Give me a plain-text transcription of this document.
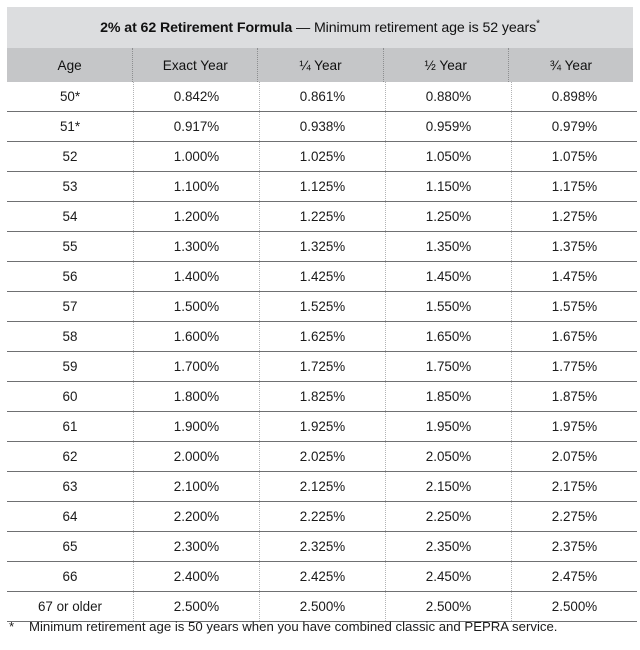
2% at 62 Retirement Formula — Minimum retirement age is 52 years*
Age	Exact Year	¼ Year	½ Year	¾ Year
50*	0.842%	0.861%	0.880%	0.898%
51*	0.917%	0.938%	0.959%	0.979%
52	1.000%	1.025%	1.050%	1.075%
53	1.100%	1.125%	1.150%	1.175%
54	1.200%	1.225%	1.250%	1.275%
55	1.300%	1.325%	1.350%	1.375%
56	1.400%	1.425%	1.450%	1.475%
57	1.500%	1.525%	1.550%	1.575%
58	1.600%	1.625%	1.650%	1.675%
59	1.700%	1.725%	1.750%	1.775%
60	1.800%	1.825%	1.850%	1.875%
61	1.900%	1.925%	1.950%	1.975%
62	2.000%	2.025%	2.050%	2.075%
63	2.100%	2.125%	2.150%	2.175%
64	2.200%	2.225%	2.250%	2.275%
65	2.300%	2.325%	2.350%	2.375%
66	2.400%	2.425%	2.450%	2.475%
67 or older	2.500%	2.500%	2.500%	2.500%
*	Minimum retirement age is 50 years when you have combined classic and PEPRA service.
